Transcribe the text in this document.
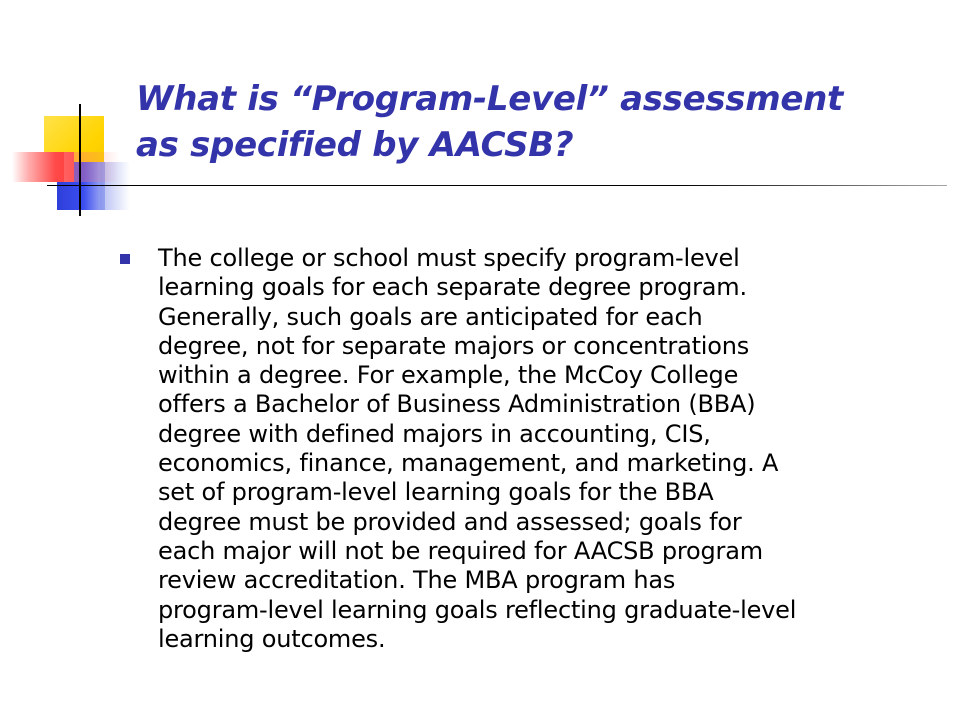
What is “Program-Level” assessment
as specified by AACSB?
The college or school must specify program-level
learning goals for each separate degree program.
Generally, such goals are anticipated for each
degree, not for separate majors or concentrations
within a degree. For example, the McCoy College
offers a Bachelor of Business Administration (BBA)
degree with defined majors in accounting, CIS,
economics, finance, management, and marketing. A
set of program-level learning goals for the BBA
degree must be provided and assessed; goals for
each major will not be required for AACSB program
review accreditation. The MBA program has
program-level learning goals reflecting graduate-level
learning outcomes.
